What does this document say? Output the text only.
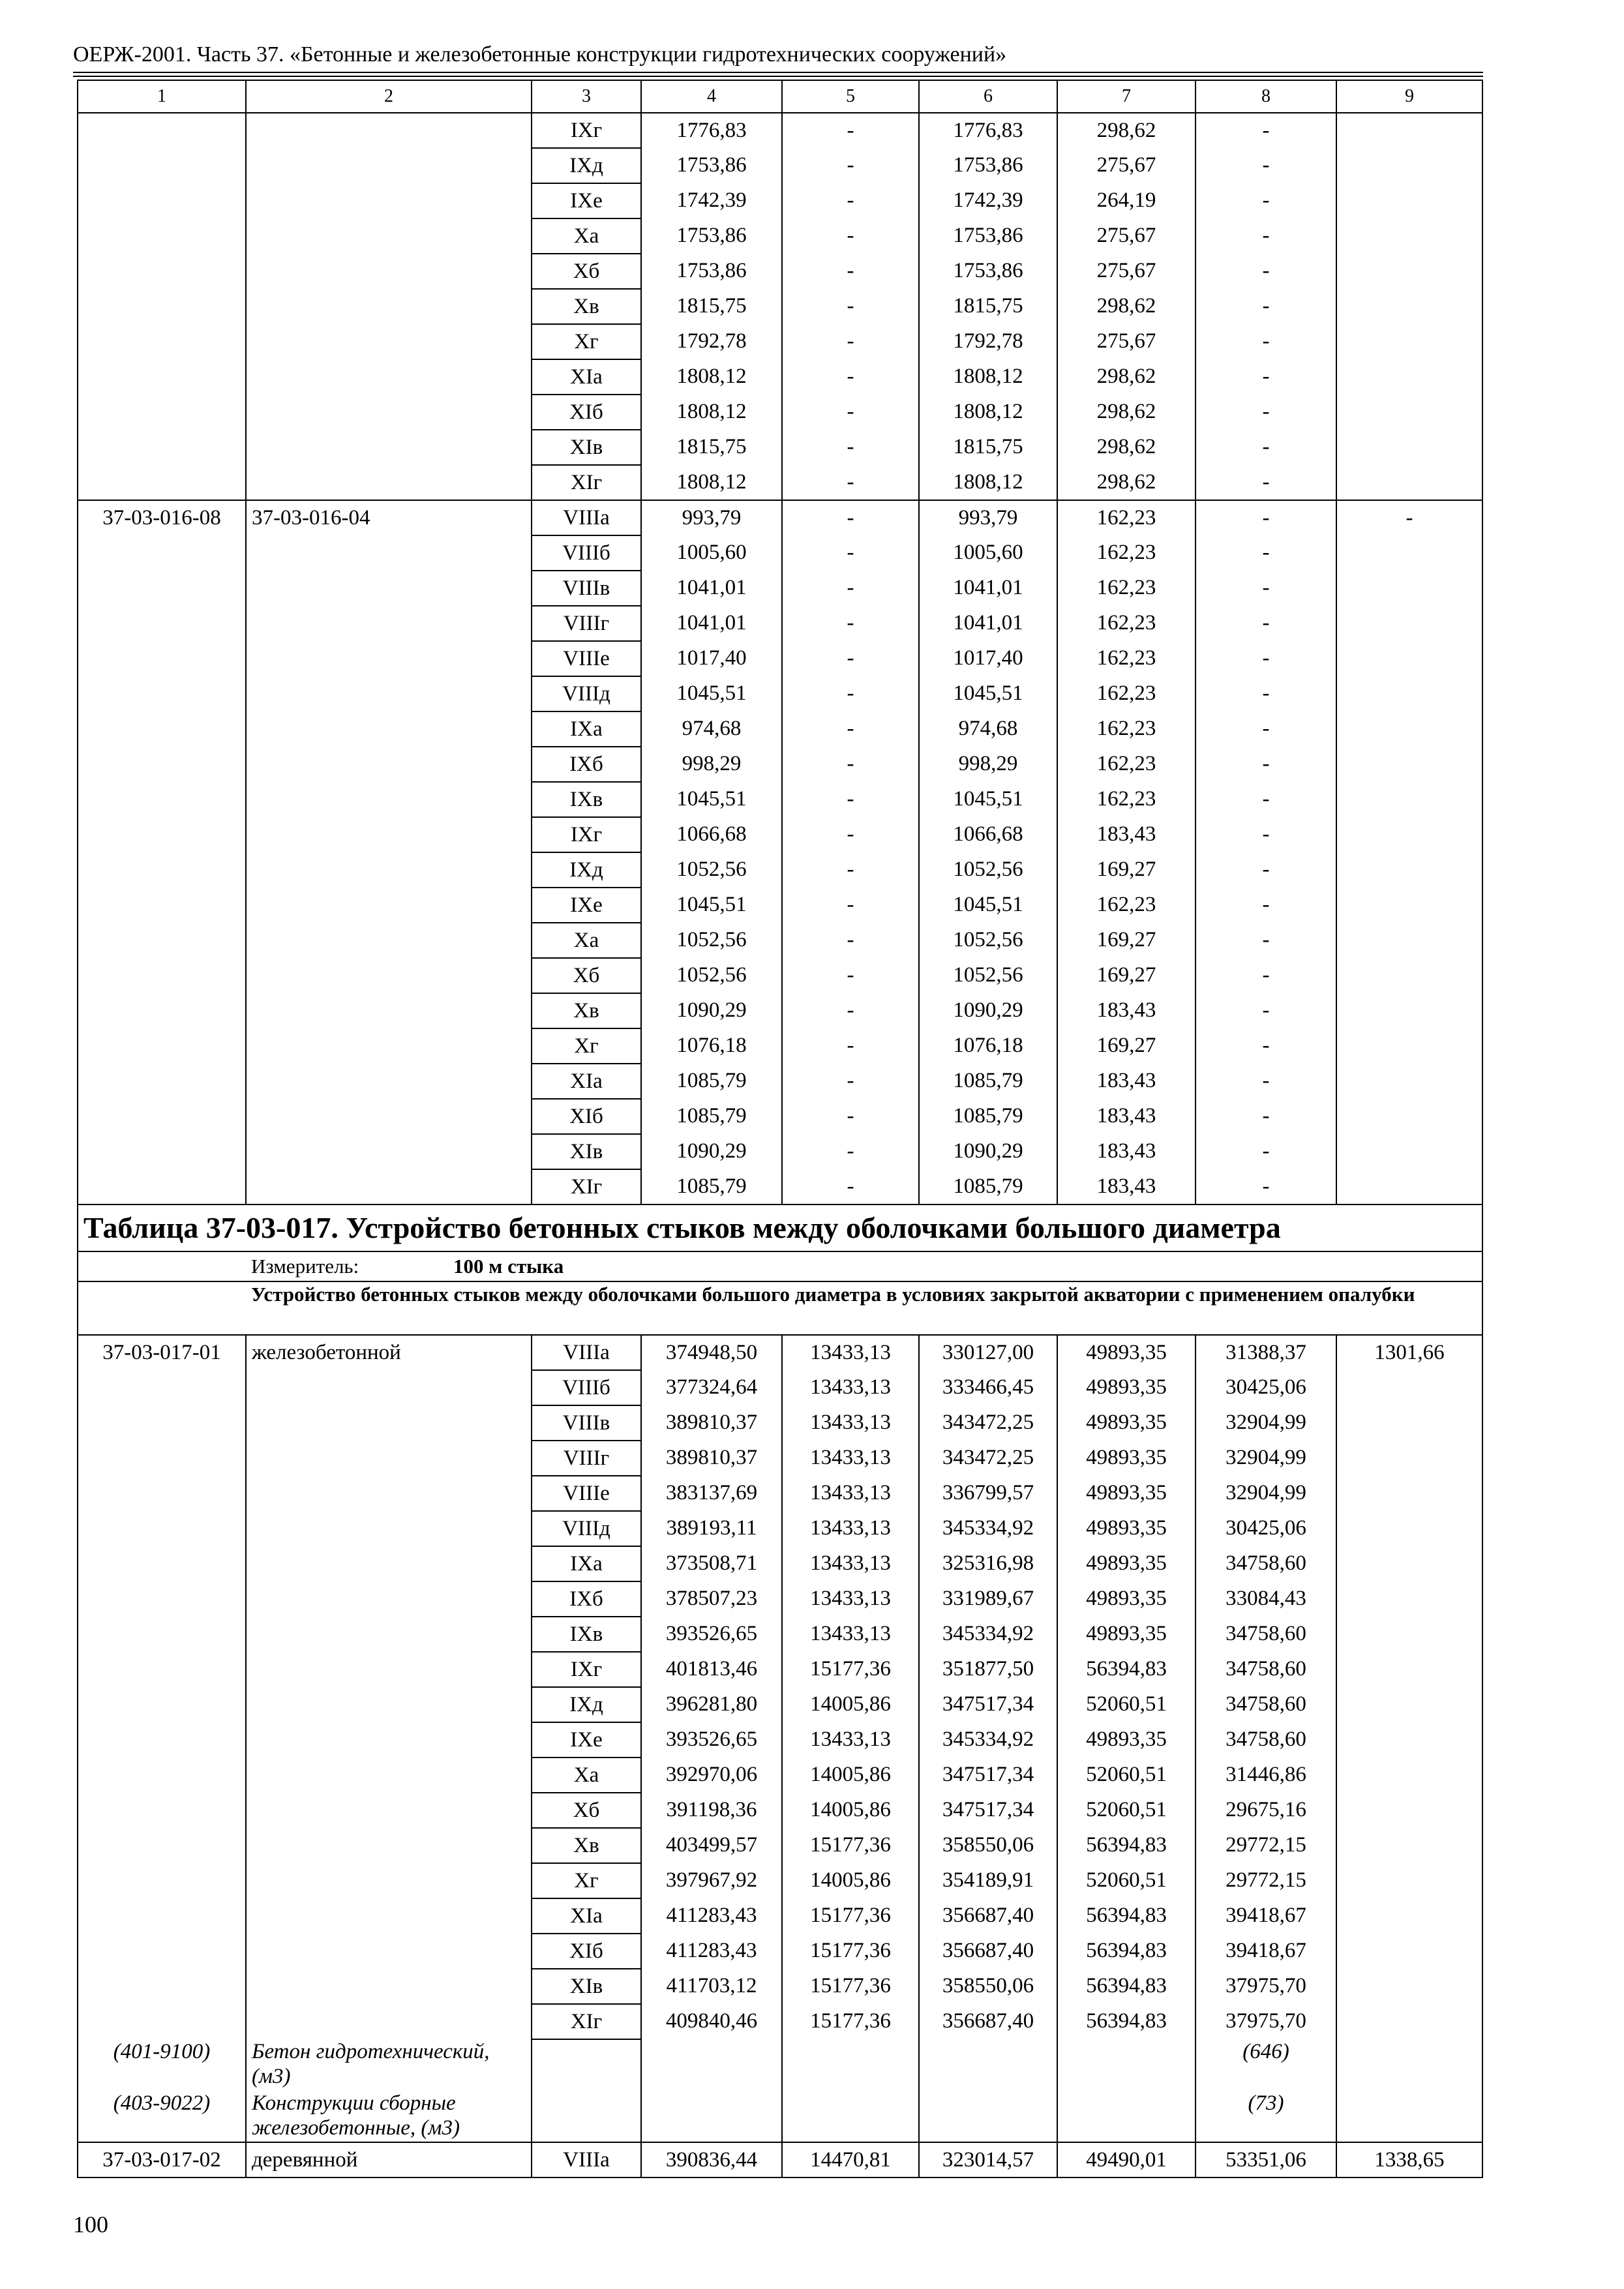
ОЕРЖ-2001. Часть 37. «Бетонные и железобетонные конструкции гидротехнических сооружений»
1	2	3	4	5	6	7	8	9
		IXг	1776,83	-	1776,83	298,62	-	
		IXд	1753,86	-	1753,86	275,67	-	
		IXе	1742,39	-	1742,39	264,19	-	
		Xа	1753,86	-	1753,86	275,67	-	
		Xб	1753,86	-	1753,86	275,67	-	
		Xв	1815,75	-	1815,75	298,62	-	
		Xг	1792,78	-	1792,78	275,67	-	
		XIа	1808,12	-	1808,12	298,62	-	
		XIб	1808,12	-	1808,12	298,62	-	
		XIв	1815,75	-	1815,75	298,62	-	
		XIг	1808,12	-	1808,12	298,62	-	
37-03-016-08	37-03-016-04	VIIIа	993,79	-	993,79	162,23	-	-
		VIIIб	1005,60	-	1005,60	162,23	-	
		VIIIв	1041,01	-	1041,01	162,23	-	
		VIIIг	1041,01	-	1041,01	162,23	-	
		VIIIе	1017,40	-	1017,40	162,23	-	
		VIIIд	1045,51	-	1045,51	162,23	-	
		IXа	974,68	-	974,68	162,23	-	
		IXб	998,29	-	998,29	162,23	-	
		IXв	1045,51	-	1045,51	162,23	-	
		IXг	1066,68	-	1066,68	183,43	-	
		IXд	1052,56	-	1052,56	169,27	-	
		IXе	1045,51	-	1045,51	162,23	-	
		Xа	1052,56	-	1052,56	169,27	-	
		Xб	1052,56	-	1052,56	169,27	-	
		Xв	1090,29	-	1090,29	183,43	-	
		Xг	1076,18	-	1076,18	169,27	-	
		XIа	1085,79	-	1085,79	183,43	-	
		XIб	1085,79	-	1085,79	183,43	-	
		XIв	1090,29	-	1090,29	183,43	-	
		XIг	1085,79	-	1085,79	183,43	-	
Таблица 37-03-017. Устройство бетонных стыков между оболочками большого диаметра								
	Измеритель: 100 м стыка							
	Устройство бетонных стыков между оболочками большого диаметра в условиях закрытой акватории с применением опалубки							
37-03-017-01	железобетонной	VIIIа	374948,50	13433,13	330127,00	49893,35	31388,37	1301,66
		VIIIб	377324,64	13433,13	333466,45	49893,35	30425,06	
		VIIIв	389810,37	13433,13	343472,25	49893,35	32904,99	
		VIIIг	389810,37	13433,13	343472,25	49893,35	32904,99	
		VIIIе	383137,69	13433,13	336799,57	49893,35	32904,99	
		VIIIд	389193,11	13433,13	345334,92	49893,35	30425,06	
		IXа	373508,71	13433,13	325316,98	49893,35	34758,60	
		IXб	378507,23	13433,13	331989,67	49893,35	33084,43	
		IXв	393526,65	13433,13	345334,92	49893,35	34758,60	
		IXг	401813,46	15177,36	351877,50	56394,83	34758,60	
		IXд	396281,80	14005,86	347517,34	52060,51	34758,60	
		IXе	393526,65	13433,13	345334,92	49893,35	34758,60	
		Xа	392970,06	14005,86	347517,34	52060,51	31446,86	
		Xб	391198,36	14005,86	347517,34	52060,51	29675,16	
		Xв	403499,57	15177,36	358550,06	56394,83	29772,15	
		Xг	397967,92	14005,86	354189,91	52060,51	29772,15	
		XIа	411283,43	15177,36	356687,40	56394,83	39418,67	
		XIб	411283,43	15177,36	356687,40	56394,83	39418,67	
		XIв	411703,12	15177,36	358550,06	56394,83	37975,70	
		XIг	409840,46	15177,36	356687,40	56394,83	37975,70	
(401-9100)	Бетон гидротехнический, (м3)						(646)	
(403-9022)	Конструкции сборные железобетонные, (м3)						(73)	
37-03-017-02	деревянной	VIIIа	390836,44	14470,81	323014,57	49490,01	53351,06	1338,65
100
